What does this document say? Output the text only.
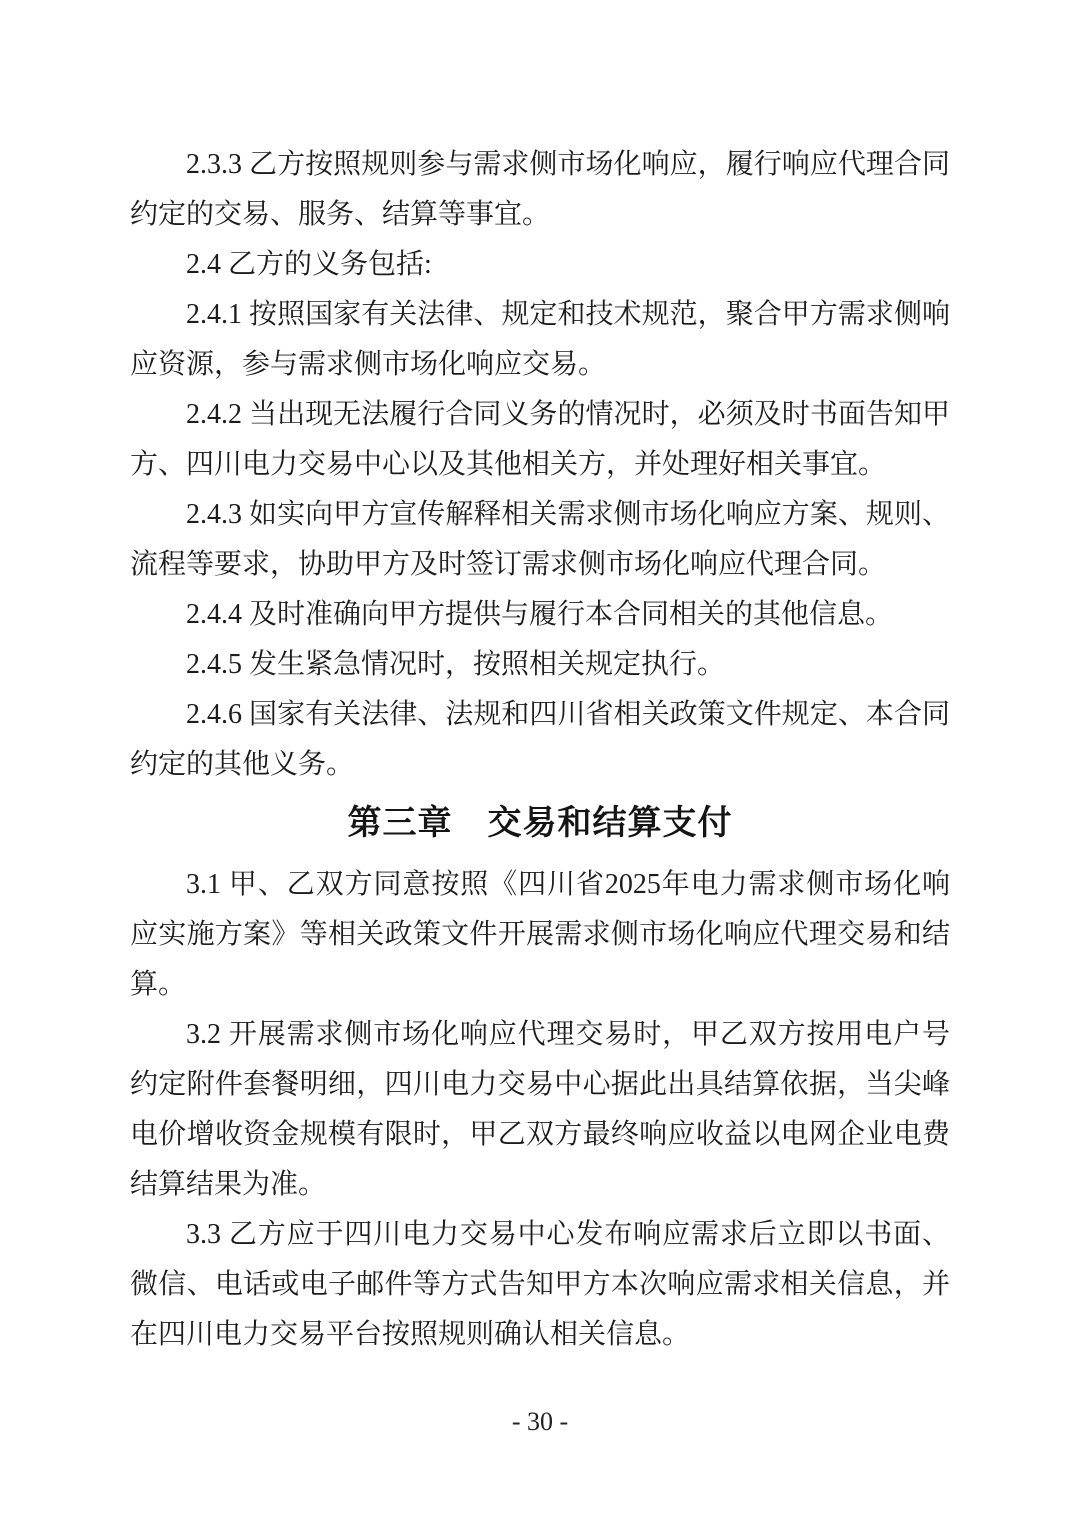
2.3.3 乙方按照规则参与需求侧市场化响应，履行响应代理合同约定的交易、服务、结算等事宜。

2.4 乙方的义务包括:

2.4.1 按照国家有关法律、规定和技术规范，聚合甲方需求侧响应资源，参与需求侧市场化响应交易。

2.4.2 当出现无法履行合同义务的情况时，必须及时书面告知甲方、四川电力交易中心以及其他相关方，并处理好相关事宜。

2.4.3 如实向甲方宣传解释相关需求侧市场化响应方案、规则、流程等要求，协助甲方及时签订需求侧市场化响应代理合同。

2.4.4 及时准确向甲方提供与履行本合同相关的其他信息。

2.4.5 发生紧急情况时，按照相关规定执行。

2.4.6 国家有关法律、法规和四川省相关政策文件规定、本合同约定的其他义务。

第三章　交易和结算支付

3.1 甲、乙双方同意按照《四川省2025年电力需求侧市场化响应实施方案》等相关政策文件开展需求侧市场化响应代理交易和结算。

3.2 开展需求侧市场化响应代理交易时，甲乙双方按用电户号约定附件套餐明细，四川电力交易中心据此出具结算依据，当尖峰电价增收资金规模有限时，甲乙双方最终响应收益以电网企业电费结算结果为准。

3.3 乙方应于四川电力交易中心发布响应需求后立即以书面、微信、电话或电子邮件等方式告知甲方本次响应需求相关信息，并在四川电力交易平台按照规则确认相关信息。

- 30 -
